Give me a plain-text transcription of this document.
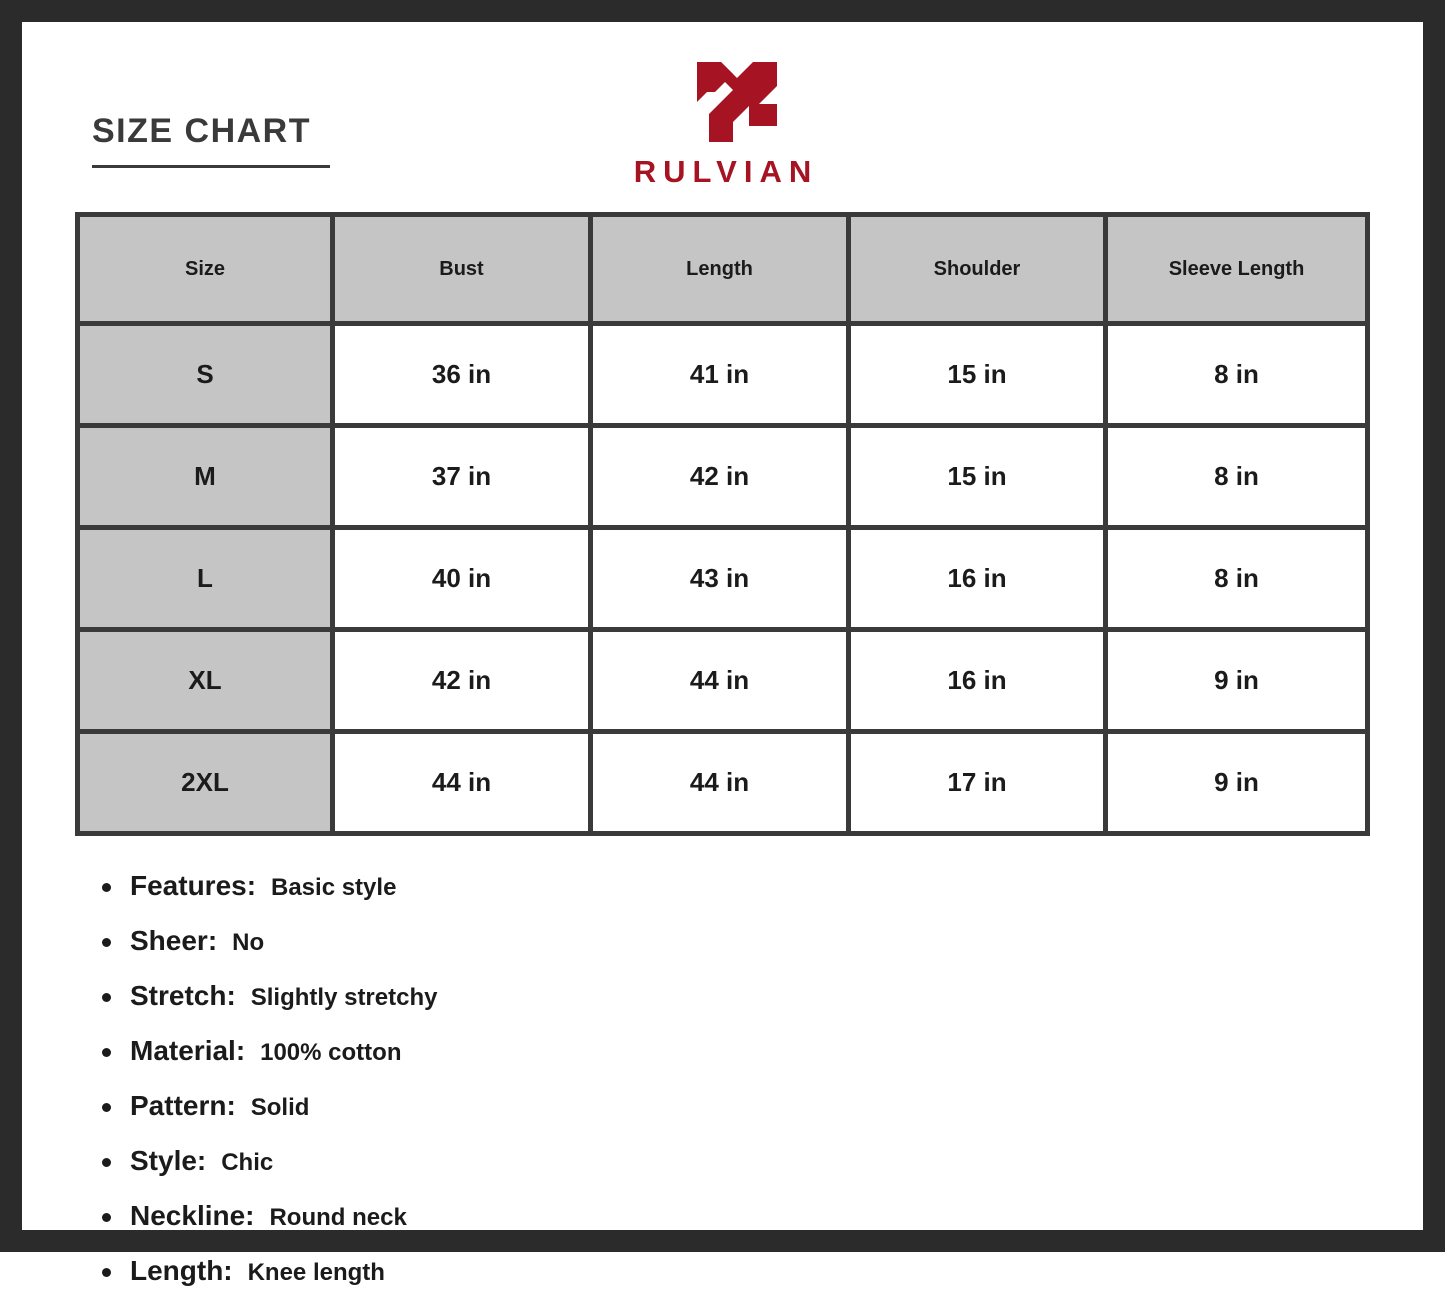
SIZE CHART
RULVIAN
Size	Bust	Length	Shoulder	Sleeve Length
S	36 in	41 in	15 in	8 in
M	37 in	42 in	15 in	8 in
L	40 in	43 in	16 in	8 in
XL	42 in	44 in	16 in	9 in
2XL	44 in	44 in	17 in	9 in
Features: Basic style
Sheer: No
Stretch: Slightly stretchy
Material: 100% cotton
Pattern: Solid
Style: Chic
Neckline: Round neck
Length: Knee length
